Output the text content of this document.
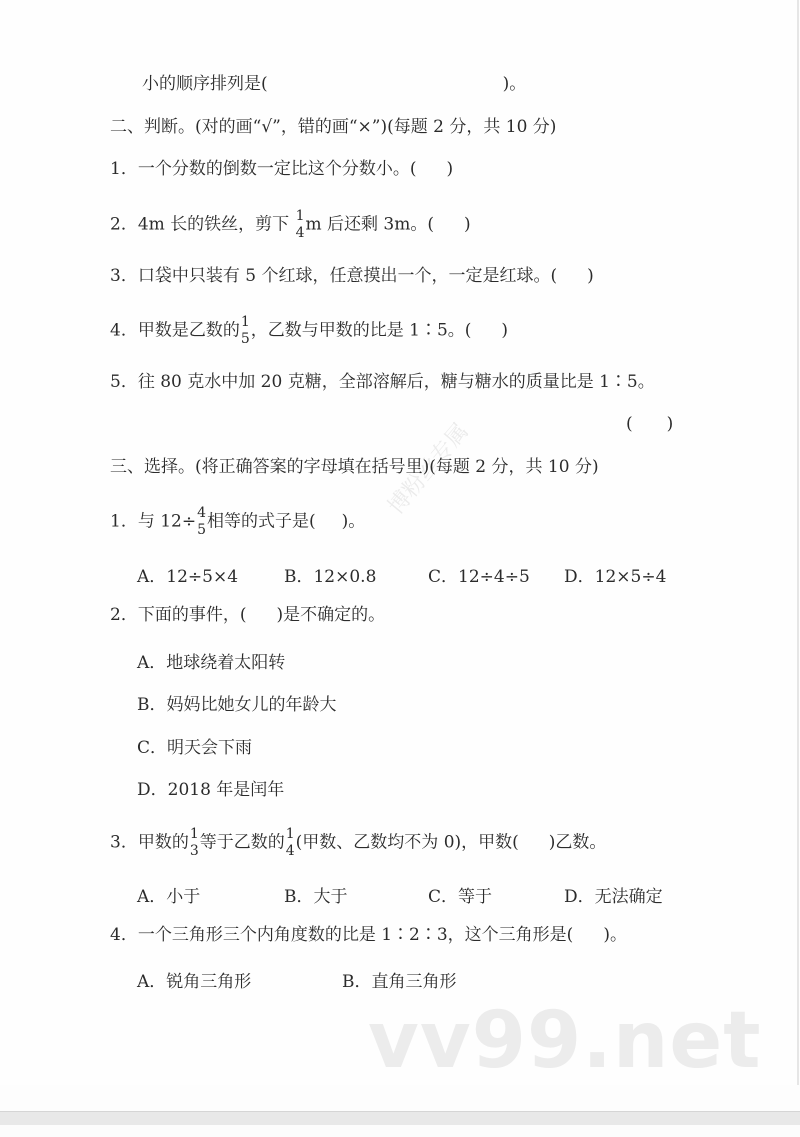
博粉丝专属
小的顺序排列是(	)。
二、判断。(对的画“√”，错的画“×”)(每题 2 分，共 10 分)
1．一个分数的倒数一定比这个分数小。( )
2．4m 长的铁丝，剪下 1
4 m 后还剩 3m。( )
3．口袋中只装有 5 个红球，任意摸出一个，一定是红球。( )
4．甲数是乙数的 1
5 ，乙数与甲数的比是 1∶5。( )
5．往 80 克水中加 20 克糖，全部溶解后，糖与糖水的质量比是 1∶5。
(　　)
三、选择。(将正确答案的字母填在括号里)(每题 2 分，共 10 分)
1．与 12÷ 4
5 相等的式子是( )。
A．12÷5×4	B．12×0.8	C．12÷4÷5 D．12×5÷4
2．下面的事件，( )是不确定的。
A．地球绕着太阳转
B．妈妈比她女儿的年龄大
C．明天会下雨
D．2018 年是闰年
3．甲数的 1
3 等于乙数的 1
4 (甲数、乙数均不为 0)，甲数( )乙数。
A．小于	B．大于	C．等于	D．无法确定
4．一个三角形三个内角度数的比是 1∶2∶3，这个三角形是( )。
A．锐角三角形	B．直角三角形
vv99.net
